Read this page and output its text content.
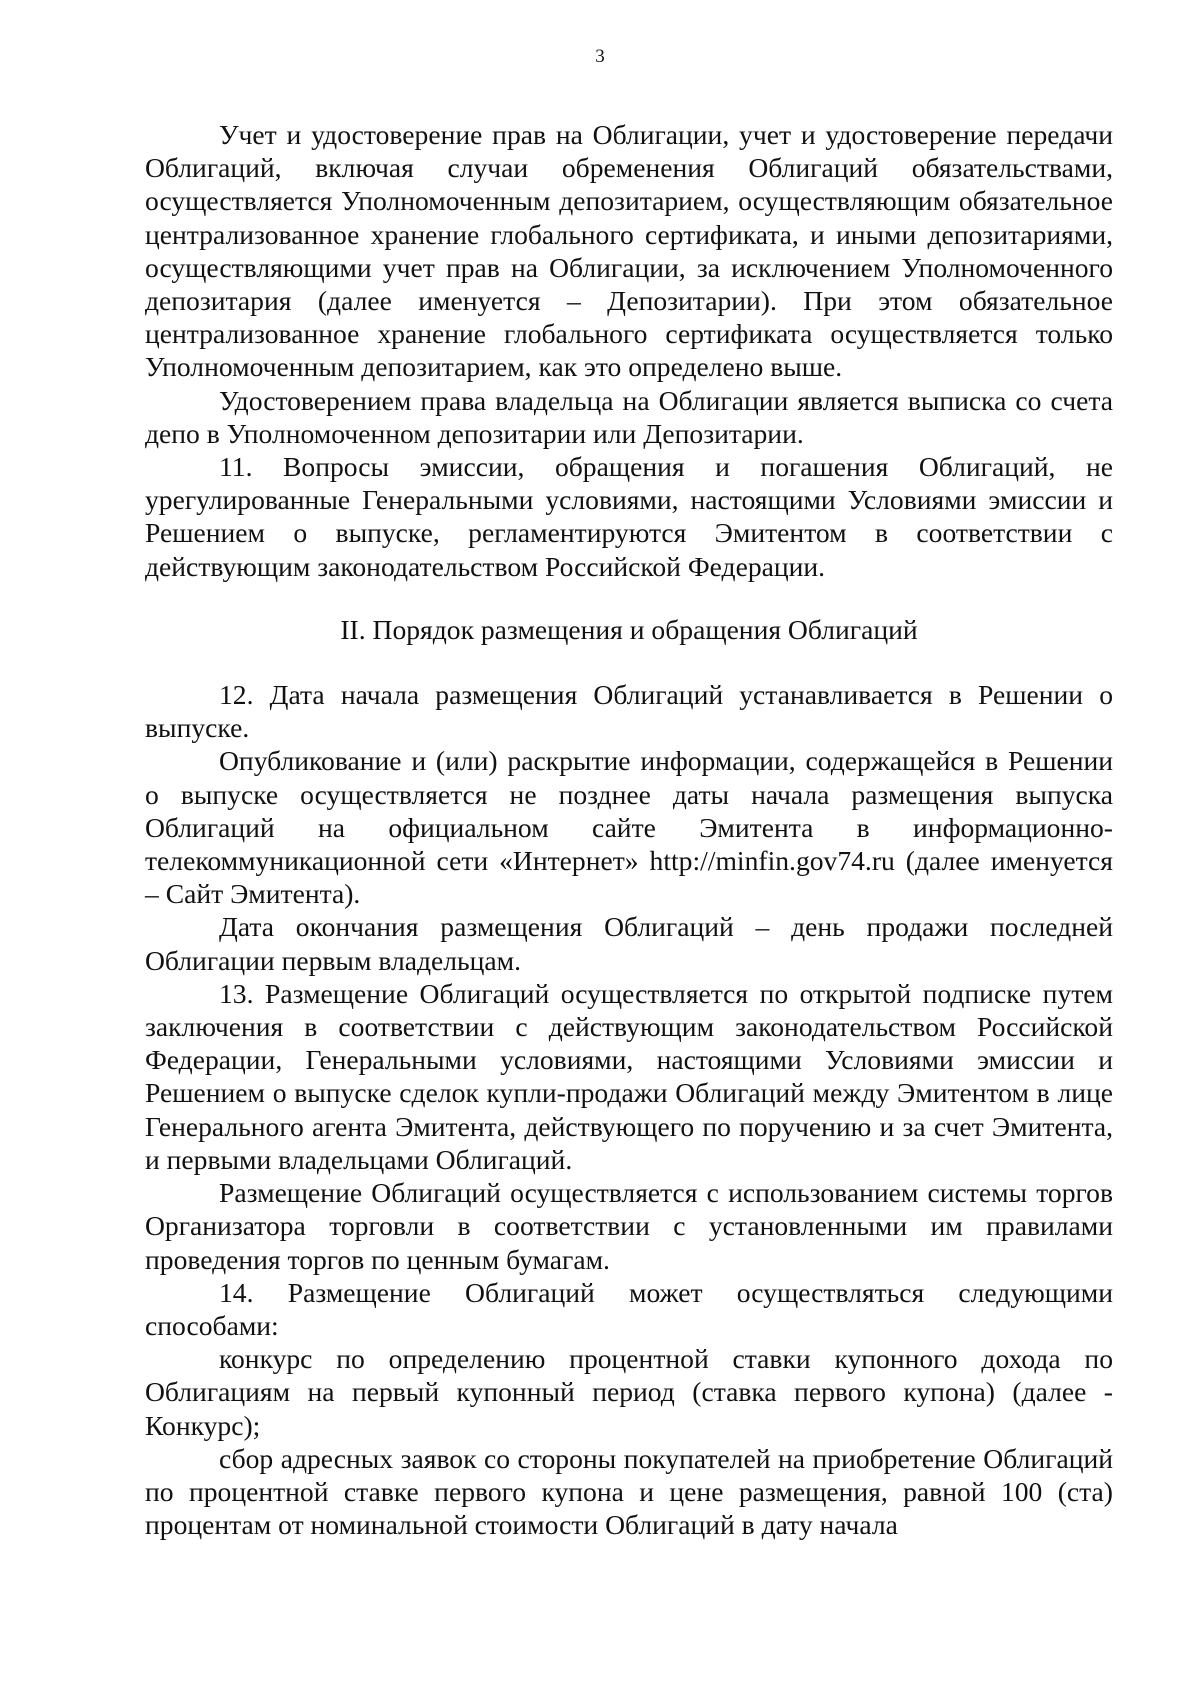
3

Учет и удостоверение прав на Облигации, учет и удостоверение передачи Облигаций, включая случаи обременения Облигаций обязательствами, осуществляется Уполномоченным депозитарием, осуществляющим обязательное централизованное хранение глобального сертификата, и иными депозитариями, осуществляющими учет прав на Облигации, за исключением Уполномоченного депозитария (далее именуется – Депозитарии). При этом обязательное централизованное хранение глобального сертификата осуществляется только Уполномоченным депозитарием, как это определено выше.

Удостоверением права владельца на Облигации является выписка со счета депо в Уполномоченном депозитарии или Депозитарии.

11. Вопросы эмиссии, обращения и погашения Облигаций, не урегулированные Генеральными условиями, настоящими Условиями эмиссии и Решением о выпуске, регламентируются Эмитентом в соответствии с действующим законодательством Российской Федерации.

II. Порядок размещения и обращения Облигаций

12. Дата начала размещения Облигаций устанавливается в Решении о выпуске.

Опубликование и (или) раскрытие информации, содержащейся в Решении о выпуске осуществляется не позднее даты начала размещения выпуска Облигаций на официальном сайте Эмитента в информационно-телекоммуникационной сети «Интернет» http://minfin.gov74.ru (далее именуется – Сайт Эмитента).

Дата окончания размещения Облигаций – день продажи последней Облигации первым владельцам.

13. Размещение Облигаций осуществляется по открытой подписке путем заключения в соответствии с действующим законодательством Российской Федерации, Генеральными условиями, настоящими Условиями эмиссии и Решением о выпуске сделок купли-продажи Облигаций между Эмитентом в лице Генерального агента Эмитента, действующего по поручению и за счет Эмитента, и первыми владельцами Облигаций.

Размещение Облигаций осуществляется с использованием системы торгов Организатора торговли в соответствии с установленными им правилами проведения торгов по ценным бумагам.

14. Размещение Облигаций может осуществляться следующими способами:

конкурс по определению процентной ставки купонного дохода по Облигациям на первый купонный период (ставка первого купона) (далее - Конкурс);

сбор адресных заявок со стороны покупателей на приобретение Облигаций по процентной ставке первого купона и цене размещения, равной 100 (ста) процентам от номинальной стоимости Облигаций в дату начала
